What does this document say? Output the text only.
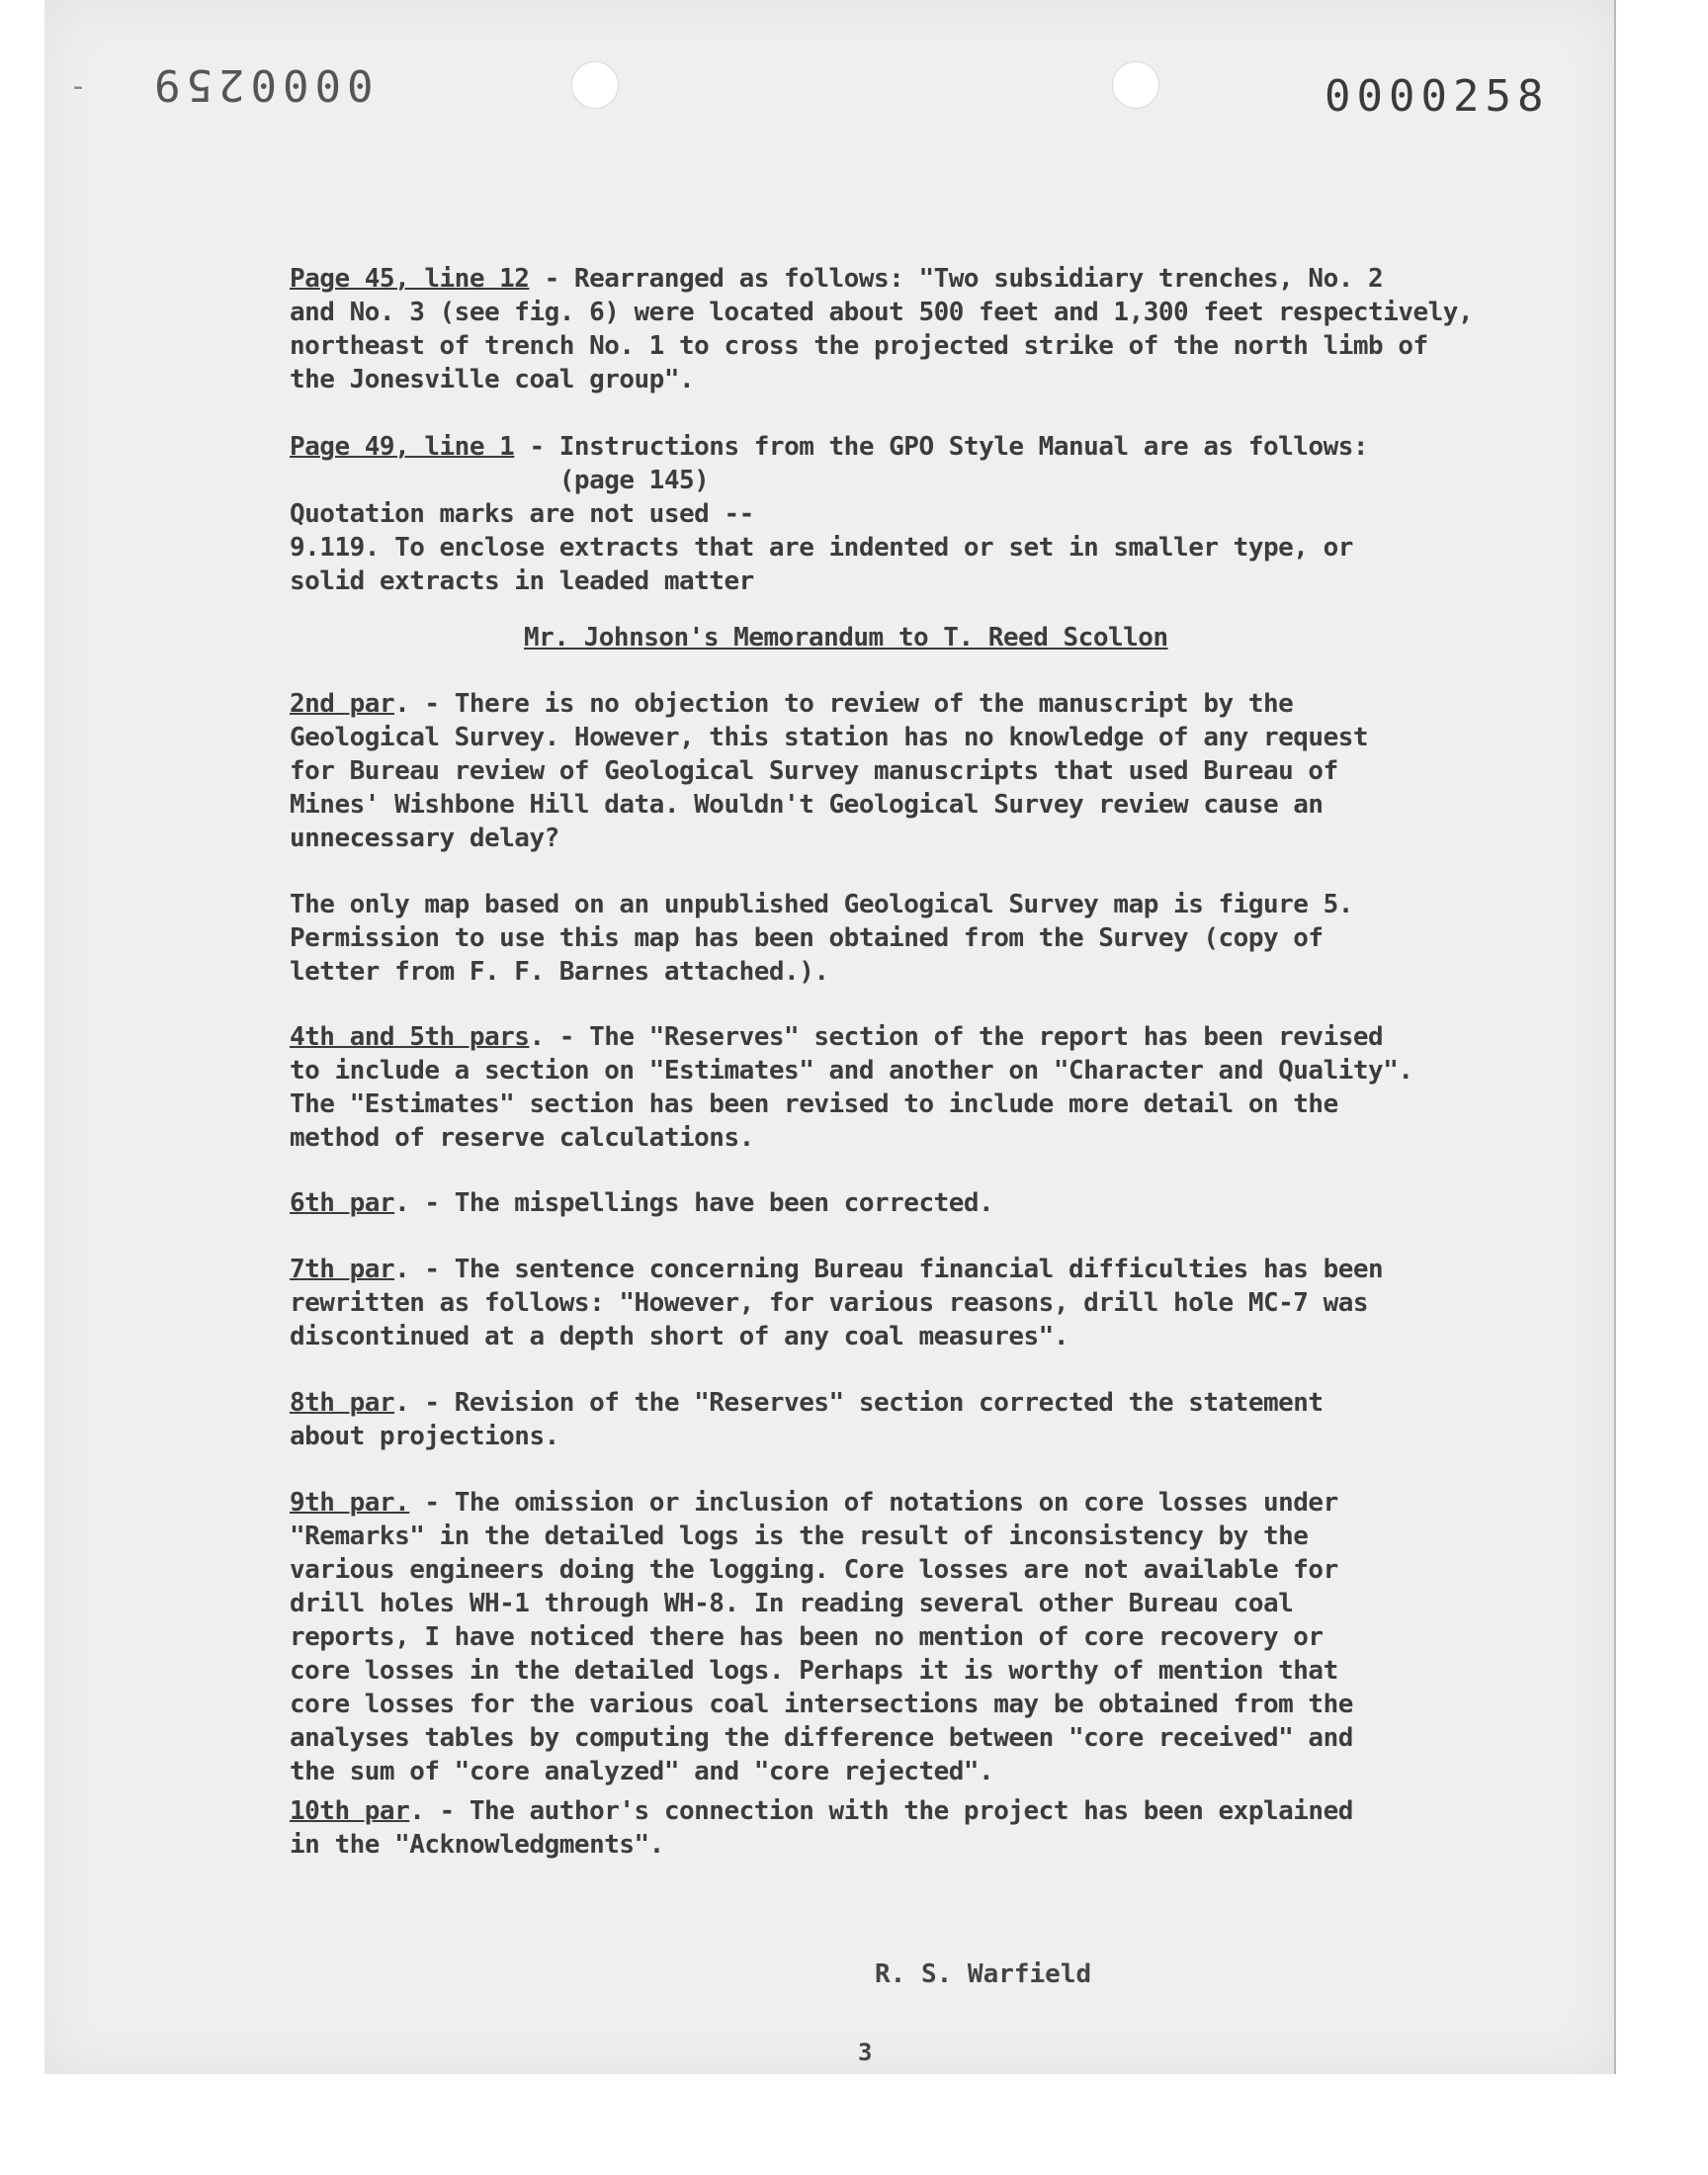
- 0000259	0000258
Page 45, line 12 - Rearranged as follows: "Two subsidiary trenches, No. 2
and No. 3 (see fig. 6) were located about 500 feet and 1,300 feet respectively,
northeast of trench No. 1 to cross the projected strike of the north limb of
the Jonesville coal group".
Page 49, line 1 - Instructions from the GPO Style Manual are as follows:
(page 145)
Quotation marks are not used --
9.119. To enclose extracts that are indented or set in smaller type, or
solid extracts in leaded matter
Mr. Johnson's Memorandum to T. Reed Scollon
2nd par. - There is no objection to review of the manuscript by the
Geological Survey. However, this station has no knowledge of any request
for Bureau review of Geological Survey manuscripts that used Bureau of
Mines' Wishbone Hill data. Wouldn't Geological Survey review cause an
unnecessary delay?
The only map based on an unpublished Geological Survey map is figure 5.
Permission to use this map has been obtained from the Survey (copy of
letter from F. F. Barnes attached.).
4th and 5th pars. - The "Reserves" section of the report has been revised
to include a section on "Estimates" and another on "Character and Quality".
The "Estimates" section has been revised to include more detail on the
method of reserve calculations.
6th par. - The mispellings have been corrected.
7th par. - The sentence concerning Bureau financial difficulties has been
rewritten as follows: "However, for various reasons, drill hole MC-7 was
discontinued at a depth short of any coal measures".
8th par. - Revision of the "Reserves" section corrected the statement
about projections.
9th par. - The omission or inclusion of notations on core losses under
"Remarks" in the detailed logs is the result of inconsistency by the
various engineers doing the logging. Core losses are not available for
drill holes WH-1 through WH-8. In reading several other Bureau coal
reports, I have noticed there has been no mention of core recovery or
core losses in the detailed logs. Perhaps it is worthy of mention that
core losses for the various coal intersections may be obtained from the
analyses tables by computing the difference between "core received" and
the sum of "core analyzed" and "core rejected".
10th par. - The author's connection with the project has been explained
in the "Acknowledgments".
R. S. Warfield
3
